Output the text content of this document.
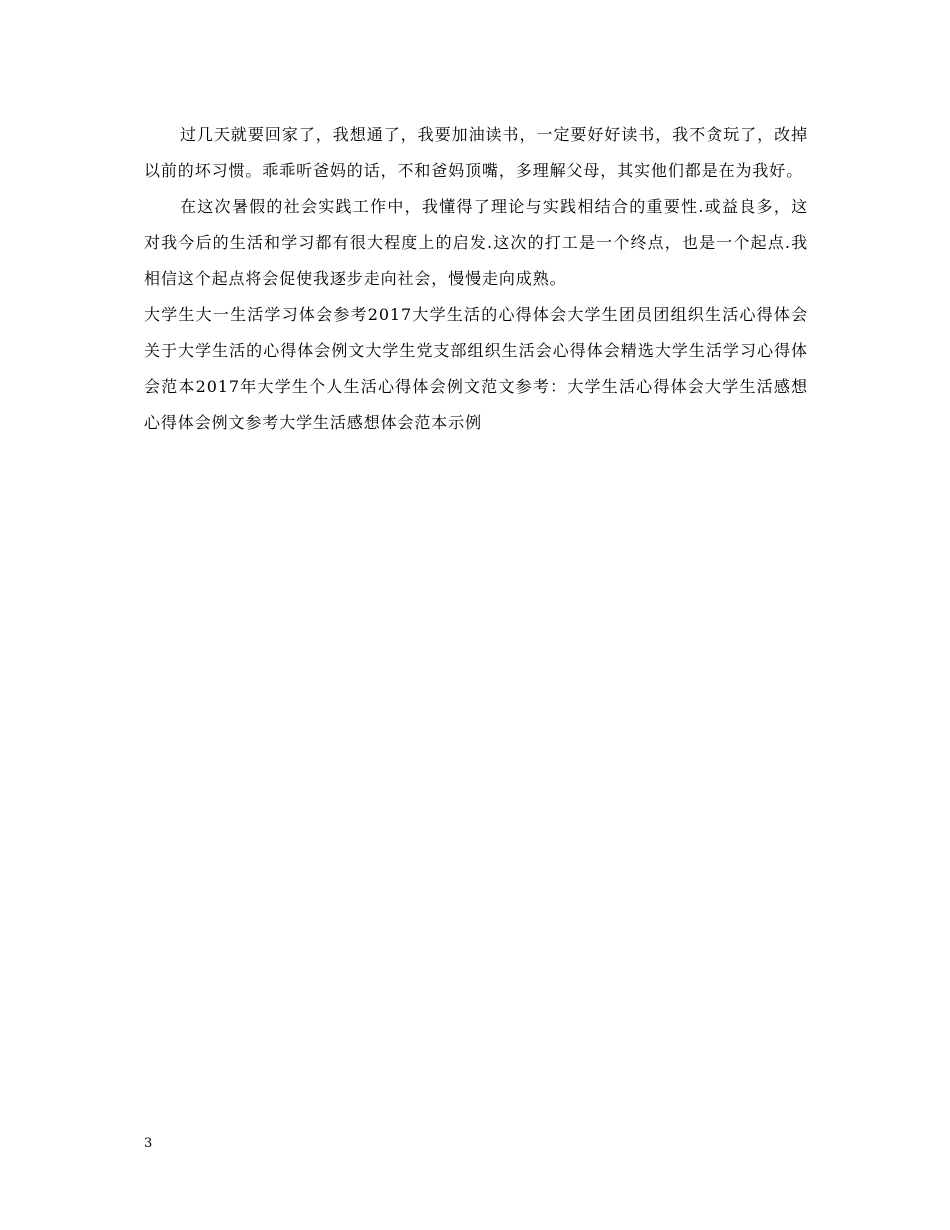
过几天就要回家了，我想通了，我要加油读书，一定要好好读书，我不贪玩了，改掉以前的坏习惯。乖乖听爸妈的话，不和爸妈顶嘴，多理解父母，其实他们都是在为我好。

在这次暑假的社会实践工作中，我懂得了理论与实践相结合的重要性.或益良多，这对我今后的生活和学习都有很大程度上的启发.这次的打工是一个终点，也是一个起点.我相信这个起点将会促使我逐步走向社会，慢慢走向成熟。

大学生大一生活学习体会参考2017大学生活的心得体会大学生团员团组织生活心得体会关于大学生活的心得体会例文大学生党支部组织生活会心得体会精选大学生活学习心得体会范本2017年大学生个人生活心得体会例文范文参考：大学生活心得体会大学生活感想心得体会例文参考大学生活感想体会范本示例

3
